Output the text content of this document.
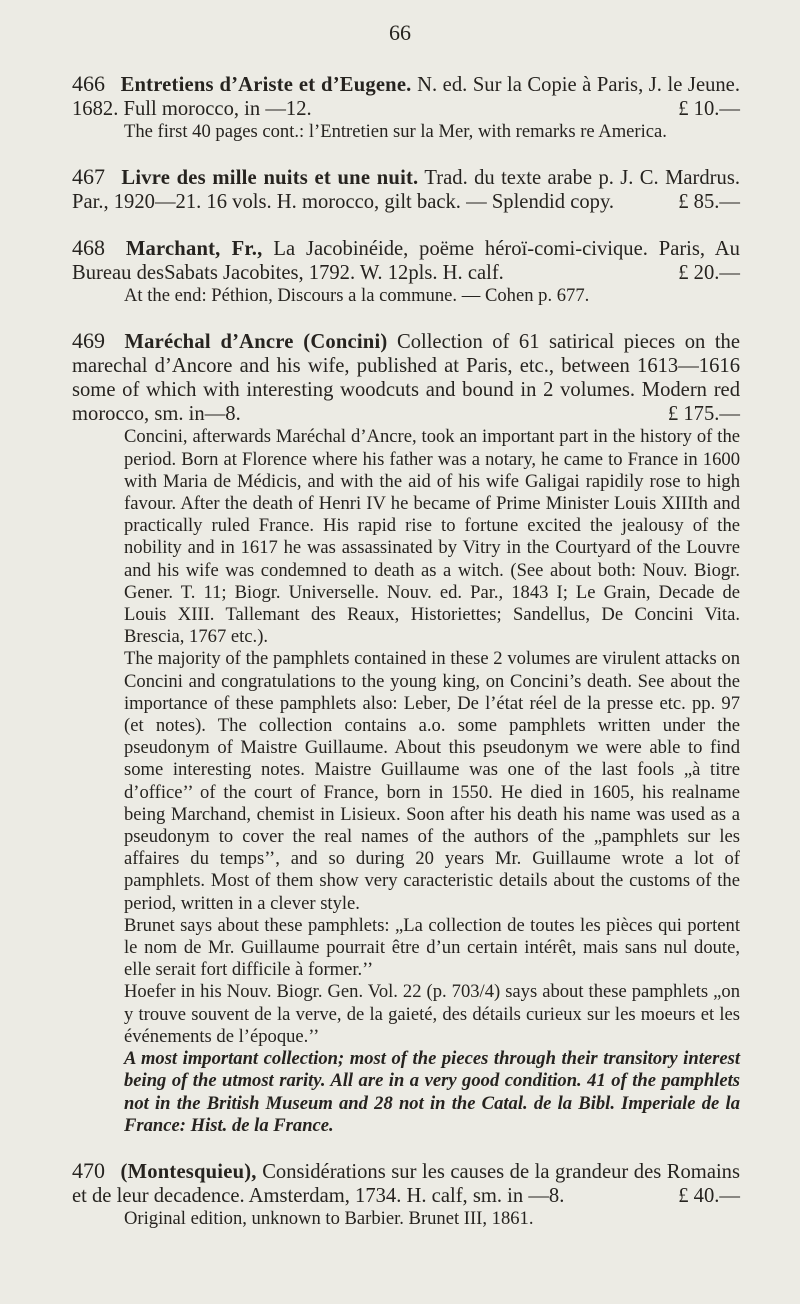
66
466 Entretiens d’Ariste et d’Eugene. N. ed. Sur la Copie à Paris, J. le Jeune. 1682. Full morocco, in —12.	£ 10.—
The first 40 pages cont.: l’Entretien sur la Mer, with remarks re America.
467 Livre des mille nuits et une nuit. Trad. du texte arabe p. J. C. Mardrus. Par., 1920—21. 16 vols. H. morocco, gilt back. — Splendid copy.	£ 85.—
468 Marchant, Fr., La Jacobinéide, poëme héroï-comi-civique. Paris, Au Bureau desSabats Jacobites, 1792. W. 12pls. H. calf.	£ 20.—
At the end: Péthion, Discours a la commune. — Cohen p. 677.
469 Maréchal d’Ancre (Concini) Collection of 61 satirical pieces on the marechal d’Ancore and his wife, published at Paris, etc., between 1613—1616 some of which with interesting woodcuts and bound in 2 volumes. Modern red morocco, sm. in—8.	£ 175.—
Concini, afterwards Maréchal d’Ancre, took an important part in the history of the period. Born at Florence where his father was a notary, he came to France in 1600 with Maria de Médicis, and with the aid of his wife Galigai rapidily rose to high favour. After the death of Henri IV he became of Prime Minister Louis XIIIth and practically ruled France. His rapid rise to fortune excited the jealousy of the nobility and in 1617 he was assassinated by Vitry in the Courtyard of the Louvre and his wife was condemned to death as a witch. (See about both: Nouv. Biogr. Gener. T. 11; Biogr. Universelle. Nouv. ed. Par., 1843 I; Le Grain, Decade de Louis XIII. Tallemant des Reaux, Historiettes; Sandellus, De Concini Vita. Brescia, 1767 etc.).
The majority of the pamphlets contained in these 2 volumes are virulent attacks on Concini and congratulations to the young king, on Concini’s death. See about the importance of these pamphlets also: Leber, De l’état réel de la presse etc. pp. 97 (et notes). The collection contains a.o. some pamphlets written under the pseudonym of Maistre Guillaume. About this pseudonym we were able to find some interesting notes. Maistre Guillaume was one of the last fools „à titre d’office’’ of the court of France, born in 1550. He died in 1605, his realname being Marchand, chemist in Lisieux. Soon after his death his name was used as a pseudonym to cover the real names of the authors of the „pamphlets sur les affaires du temps’’, and so during 20 years Mr. Guillaume wrote a lot of pamphlets. Most of them show very caracteristic details about the customs of the period, written in a clever style.
Brunet says about these pamphlets: „La collection de toutes les pièces qui portent le nom de Mr. Guillaume pourrait être d’un certain intérêt, mais sans nul doute, elle serait fort difficile à former.’’
Hoefer in his Nouv. Biogr. Gen. Vol. 22 (p. 703/4) says about these pamphlets „on y trouve souvent de la verve, de la gaieté, des détails curieux sur les moeurs et les événements de l’époque.’’
A most important collection; most of the pieces through their transitory interest being of the utmost rarity. All are in a very good condition. 41 of the pamphlets not in the British Museum and 28 not in the Catal. de la Bibl. Imperiale de la France: Hist. de la France.
470 (Montesquieu), Considérations sur les causes de la grandeur des Romains et de leur decadence. Amsterdam, 1734. H. calf, sm. in —8.	£ 40.—
Original edition, unknown to Barbier. Brunet III, 1861.
